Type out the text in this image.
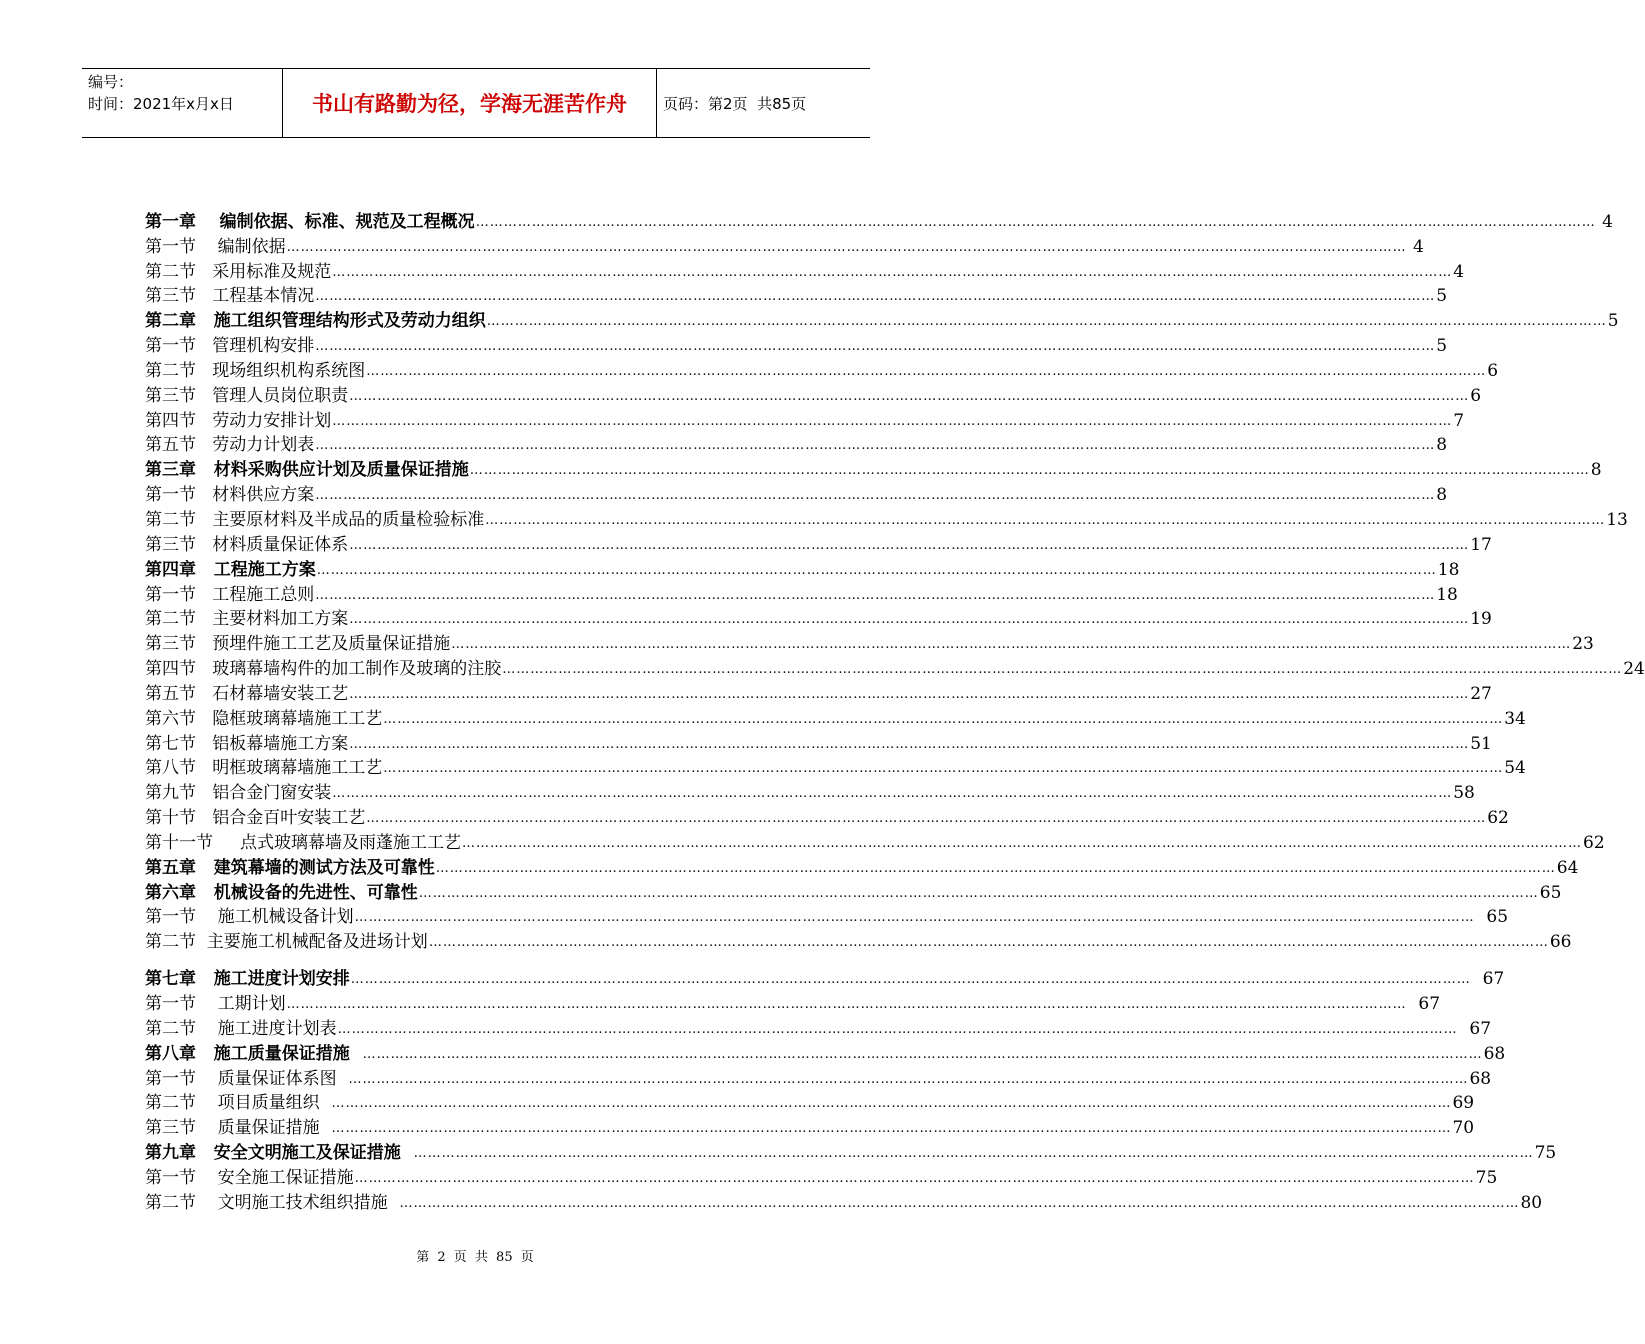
编号：
时间：2021年x月x日	书山有路勤为径，学海无涯苦作舟	页码：第2页  共85页
第一章    编制依据、标准、规范及工程概况 …………………………………………………………………………………………………………………………………………………………………………………………………………………… 4
第一节    编制依据 …………………………………………………………………………………………………………………………………………………………………………………………………………………… 4
第二节   采用标准及规范 …………………………………………………………………………………………………………………………………………………………………………………………………………………… 4
第三节   工程基本情况 …………………………………………………………………………………………………………………………………………………………………………………………………………………… 5
第二章   施工组织管理结构形式及劳动力组织 …………………………………………………………………………………………………………………………………………………………………………………………………………………… 5
第一节   管理机构安排 …………………………………………………………………………………………………………………………………………………………………………………………………………………… 5
第二节   现场组织机构系统图 …………………………………………………………………………………………………………………………………………………………………………………………………………………… 6
第三节   管理人员岗位职责 …………………………………………………………………………………………………………………………………………………………………………………………………………………… 6
第四节   劳动力安排计划 …………………………………………………………………………………………………………………………………………………………………………………………………………………… 7
第五节   劳动力计划表 …………………………………………………………………………………………………………………………………………………………………………………………………………………… 8
第三章   材料采购供应计划及质量保证措施 …………………………………………………………………………………………………………………………………………………………………………………………………………………… 8
第一节   材料供应方案 …………………………………………………………………………………………………………………………………………………………………………………………………………………… 8
第二节   主要原材料及半成品的质量检验标准 …………………………………………………………………………………………………………………………………………………………………………………………………………………… 13
第三节   材料质量保证体系 …………………………………………………………………………………………………………………………………………………………………………………………………………………… 17
第四章   工程施工方案 …………………………………………………………………………………………………………………………………………………………………………………………………………………… 18
第一节   工程施工总则 …………………………………………………………………………………………………………………………………………………………………………………………………………………… 18
第二节   主要材料加工方案 …………………………………………………………………………………………………………………………………………………………………………………………………………………… 19
第三节   预埋件施工工艺及质量保证措施 …………………………………………………………………………………………………………………………………………………………………………………………………………………… 23
第四节   玻璃幕墙构件的加工制作及玻璃的注胶 …………………………………………………………………………………………………………………………………………………………………………………………………………………… 24
第五节   石材幕墙安装工艺 …………………………………………………………………………………………………………………………………………………………………………………………………………………… 27
第六节   隐框玻璃幕墙施工工艺 …………………………………………………………………………………………………………………………………………………………………………………………………………………… 34
第七节   铝板幕墙施工方案 …………………………………………………………………………………………………………………………………………………………………………………………………………………… 51
第八节   明框玻璃幕墙施工工艺 …………………………………………………………………………………………………………………………………………………………………………………………………………………… 54
第九节   铝合金门窗安装 …………………………………………………………………………………………………………………………………………………………………………………………………………………… 58
第十节   铝合金百叶安装工艺 …………………………………………………………………………………………………………………………………………………………………………………………………………………… 62
第十一节     点式玻璃幕墙及雨蓬施工工艺 …………………………………………………………………………………………………………………………………………………………………………………………………………………… 62
第五章   建筑幕墙的测试方法及可靠性 …………………………………………………………………………………………………………………………………………………………………………………………………………………… 64
第六章   机械设备的先进性、可靠性 …………………………………………………………………………………………………………………………………………………………………………………………………………………… 65
第一节    施工机械设备计划 …………………………………………………………………………………………………………………………………………………………………………………………………………………… 65
第二节  主要施工机械配备及进场计划 …………………………………………………………………………………………………………………………………………………………………………………………………………………… 66
第七章   施工进度计划安排 …………………………………………………………………………………………………………………………………………………………………………………………………………………… 67
第一节    工期计划 …………………………………………………………………………………………………………………………………………………………………………………………………………………… 67
第二节    施工进度计划表 …………………………………………………………………………………………………………………………………………………………………………………………………………………… 67
第八章   施工质量保证措施 …………………………………………………………………………………………………………………………………………………………………………………………………………………… 68
第一节    质量保证体系图 …………………………………………………………………………………………………………………………………………………………………………………………………………………… 68
第二节    项目质量组织 …………………………………………………………………………………………………………………………………………………………………………………………………………………… 69
第三节    质量保证措施 …………………………………………………………………………………………………………………………………………………………………………………………………………………… 70
第九章   安全文明施工及保证措施 …………………………………………………………………………………………………………………………………………………………………………………………………………………… 75
第一节    安全施工保证措施 …………………………………………………………………………………………………………………………………………………………………………………………………………………… 75
第二节    文明施工技术组织措施 …………………………………………………………………………………………………………………………………………………………………………………………………………………… 80
第 2 页 共 85 页
